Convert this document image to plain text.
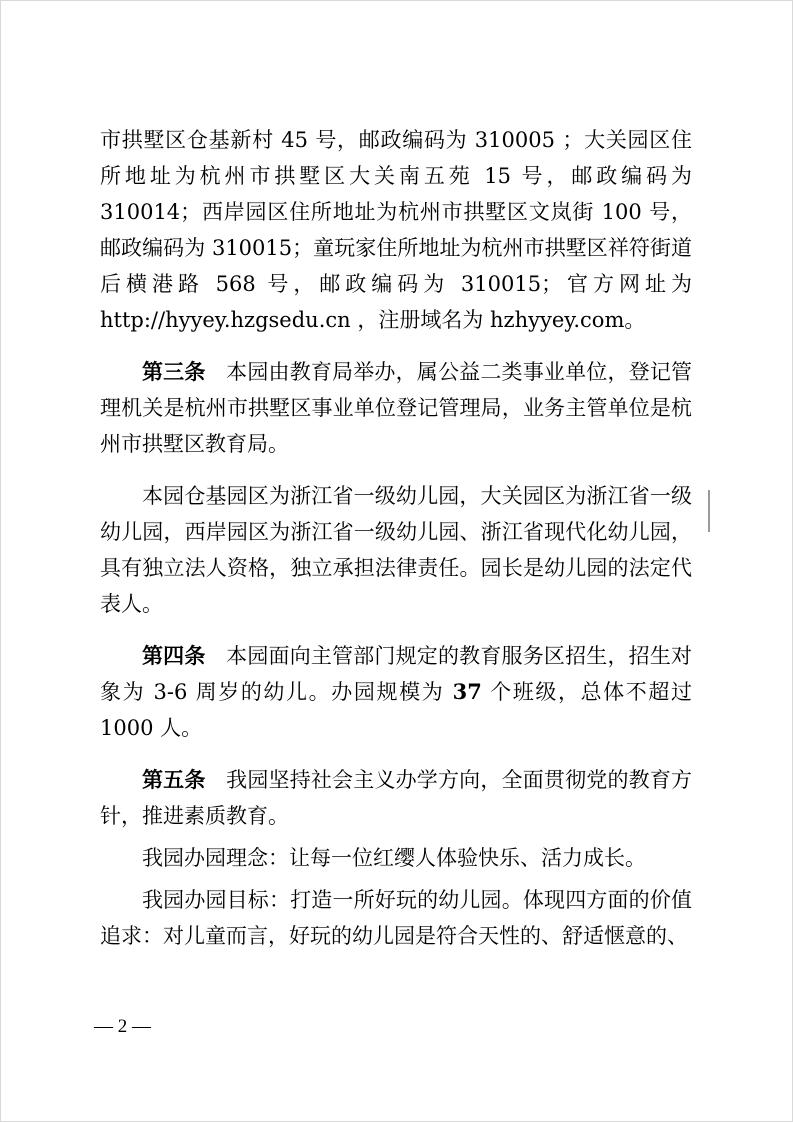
市拱墅区仓基新村 45 号，邮政编码为 310005 ；大关园区住所地址为杭州市拱墅区大关南五苑 15 号，邮政编码为 310014；西岸园区住所地址为杭州市拱墅区文岚街 100 号，邮政编码为 310015；童玩家住所地址为杭州市拱墅区祥符街道后横港路 568 号，邮政编码为 310015；官方网址为 http://hyyey.hzgsedu.cn ，注册域名为 hzhyyey.com。

第三条 本园由教育局举办，属公益二类事业单位，登记管理机关是杭州市拱墅区事业单位登记管理局，业务主管单位是杭州市拱墅区教育局。

本园仓基园区为浙江省一级幼儿园，大关园区为浙江省一级幼儿园，西岸园区为浙江省一级幼儿园、浙江省现代化幼儿园，具有独立法人资格，独立承担法律责任。园长是幼儿园的法定代表人。

第四条 本园面向主管部门规定的教育服务区招生，招生对象为 3-6 周岁的幼儿。办园规模为 37 个班级，总体不超过 1000 人。

第五条 我园坚持社会主义办学方向，全面贯彻党的教育方针，推进素质教育。

我园办园理念：让每一位红缨人体验快乐、活力成长。

我园办园目标：打造一所好玩的幼儿园。体现四方面的价值追求：对儿童而言，好玩的幼儿园是符合天性的、舒适惬意的、

— 2 —
